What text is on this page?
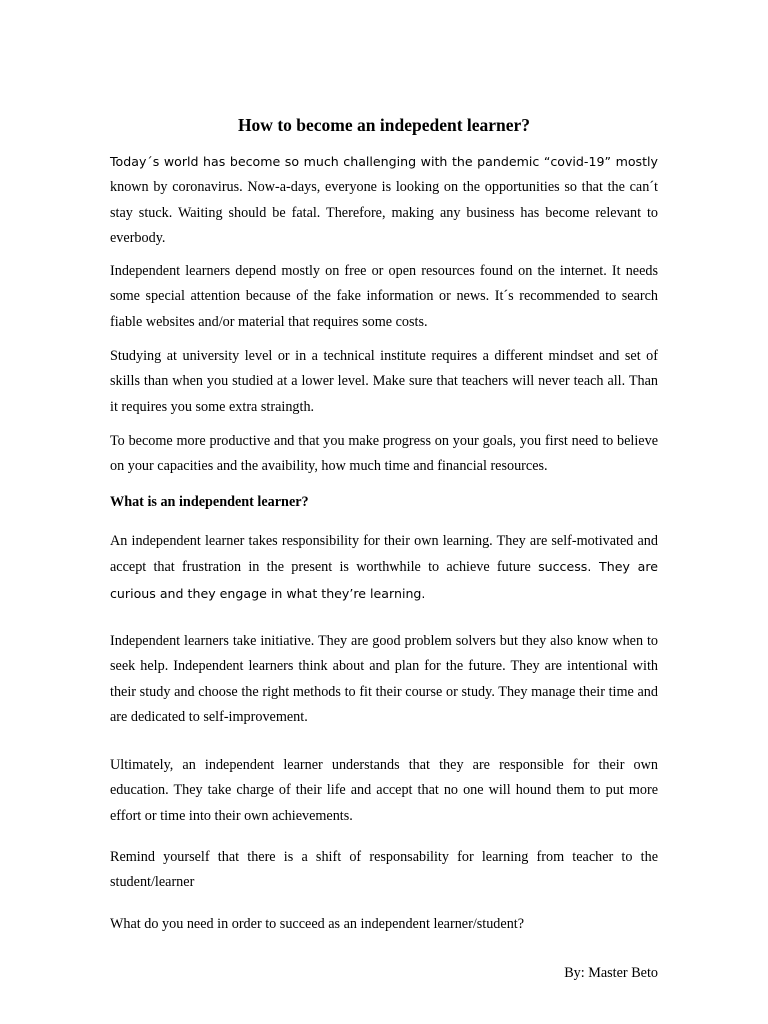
How to become an indepedent learner?

Today´s world has become so much challenging with the pandemic “covid-19” mostly known by coronavirus. Now-a-days, everyone is looking on the opportunities so that the can´t stay stuck. Waiting should be fatal. Therefore, making any business has become relevant to everbody.

Independent learners depend mostly on free or open resources found on the internet. It needs some special attention because of the fake information or news. It´s recommended to search fiable websites and/or material that requires some costs.

Studying at university level or in a technical institute requires a different mindset and set of skills than when you studied at a lower level. Make sure that teachers will never teach all. Than it requires you some extra straingth.

To become more productive and that you make progress on your goals, you first need to believe on your capacities and the avaibility, how much time and financial resources.

What is an independent learner?

An independent learner takes responsibility for their own learning. They are self-motivated and accept that frustration in the present is worthwhile to achieve future success. They are curious and they engage in what they’re learning.

Independent learners take initiative. They are good problem solvers but they also know when to seek help. Independent learners think about and plan for the future. They are intentional with their study and choose the right methods to fit their course or study. They manage their time and are dedicated to self-improvement.

Ultimately, an independent learner understands that they are responsible for their own education. They take charge of their life and accept that no one will hound them to put more effort or time into their own achievements.

Remind yourself that there is a shift of responsability for learning from teacher to the student/learner

What do you need in order to succeed as an independent learner/student?

By: Master Beto
